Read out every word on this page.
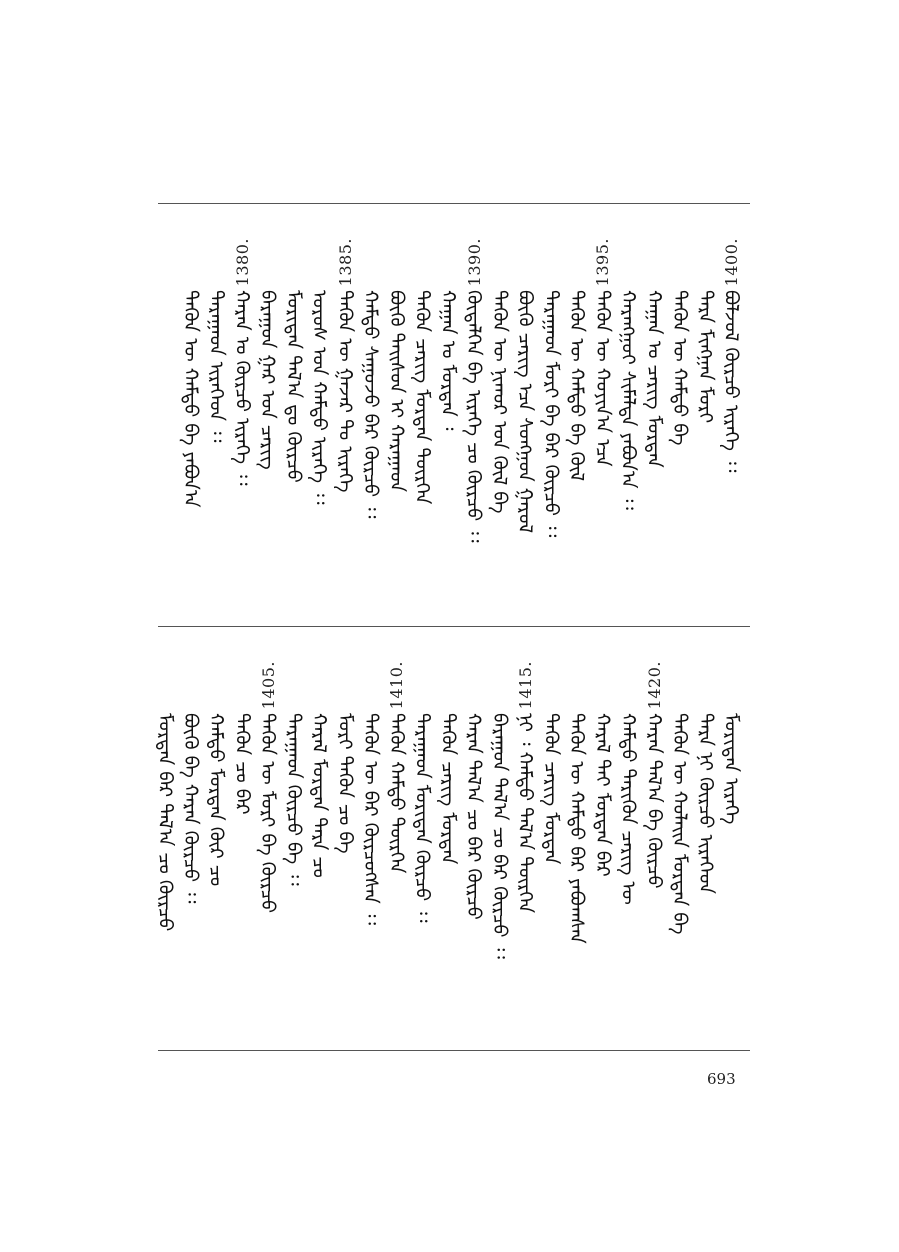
ᠪᠣᠯᠵᠣᠯ ᠬᠦᠷᠴᠦ ᠢᠷᠡᠭᠡ ᠄᠄
ᠲᠡᠷᠡ ᠮᠢᠩᠭᠠᠨ ᠮᠣᠷᠢ
ᠲᠡᠭᠦᠨ ᠦ ᠬᠠᠮᠲᠤ ᠪᠠ
ᠬᠠᠭᠠᠨ ᠤ ᠴᠡᠷᠢᠭ ᠮᠣᠷᠳᠠᠨ
ᠬᠠᠷᠠᠩᠭᠤᠢ ᠰᠢᠮᠠᠯᠲᠠ ᠶᠠᠪᠤᠨ᠎ᠠ ᠄᠄
ᠲᠡᠭᠦᠨ ᠦ ᠬᠣᠶᠢᠨ᠎ᠠ ᠡᠴᠡ
ᠲᠡᠭᠦᠨ ᠦ ᠬᠠᠮᠲᠤ ᠪᠠ ᠬᠥᠯ
ᠲᠠᠷᠠᠭᠠᠳ ᠮᠣᠷᠢ ᠪᠠ ᠪᠠᠷ ᠬᠦᠷᠴᠦ ᠄᠄
ᠪᠦᠬᠦ ᠴᠡᠷᠢᠭ ᠡᠴᠡ ᠰᠣᠩᠭᠣᠨ ᠭᠠᠷᠤᠯ
ᠲᠡᠭᠦᠨ ᠦ ᠨᠢᠬᠤᠷ ᠤᠨ ᠬᠥᠯ ᠪᠠ
ᠬᠦᠳᠡᠯᠭᠡᠨ ᠪᠠ ᠢᠷᠡᠭᠡ ᠴᠤ ᠬᠦᠷᠴᠦ ᠄᠄
ᠬᠠᠭᠠᠨ ᠤ ᠮᠣᠷᠳᠠᠨ ᠄
ᠲᠡᠭᠦᠨ ᠴᠡᠷᠢᠭ ᠮᠣᠷᠳᠠᠨ ᠲᠦᠷᠭᠡᠨ
ᠪᠦᠬᠦ ᠳᠠᠢᠰᠤᠨ ᠢ ᠬᠠᠷᠠᠭᠠᠳ
ᠬᠠᠮᠲᠤ ᠰᠠᠭᠤᠵᠤ ᠪᠠᠷ ᠬᠦᠷᠴᠦ ᠄᠄
ᠲᠡᠭᠦᠨ ᠦ ᠭᠠᠵᠠᠷ ᠲᠤ ᠢᠷᠡᠭᠡ
ᠣᠷᠣᠰ ᠤᠨ ᠬᠠᠮᠲᠤ ᠢᠷᠡᠭᠡ ᠄᠄
ᠮᠣᠷᠢᠳᠠᠨ ᠲᠠᠯ᠎ᠠ ᠳᠤ ᠬᠦᠷᠴᠦ
ᠪᠠᠷᠠᠭᠤᠨ ᠭᠠᠷ ᠤᠨ ᠴᠡᠷᠢᠭ
ᠬᠠᠷᠠᠨ ᠤ ᠬᠦᠷᠴᠦ ᠢᠷᠡᠭᠡ ᠄᠄
ᠲᠠᠷᠠᠭᠠᠳ ᠢᠷᠡᠭᠡᠳ ᠄᠄
ᠲᠡᠭᠦᠨ ᠦ ᠬᠠᠮᠲᠤ ᠪᠠ ᠶᠠᠪᠤᠨ᠎ᠠ
1400.
1395.
1390.
1385.
1380.
ᠮᠣᠷᠢᠳᠠᠨ ᠢᠷᠡᠭᠡ
ᠲᠡᠷᠡ ᠨᠢ ᠬᠦᠷᠴᠦ ᠢᠷᠡᠭᠡᠳ
ᠲᠡᠭᠦᠨ ᠦ ᠬᠣᠯᠠᠢᠨ ᠮᠣᠷᠳᠠᠨ ᠪᠠ
ᠬᠠᠷᠠᠨ ᠲᠠᠯ᠎ᠠ ᠪᠠ ᠬᠦᠷᠴᠦ
ᠬᠠᠮᠲᠤ ᠲᠡᠷᠢᠭᠦᠨ ᠴᠡᠷᠢᠭ ᠦ
ᠬᠠᠷᠠᠯ ᠲᠠᠢ ᠮᠣᠷᠳᠠᠨ ᠪᠠᠷ
ᠲᠡᠭᠦᠨ ᠦ ᠬᠠᠮᠲᠤ ᠪᠠᠷ ᠶᠠᠪᠤᠭᠰᠠᠨ
ᠲᠡᠭᠦᠨ ᠴᠡᠷᠢᠭ ᠮᠣᠷᠳᠠᠨ
ᠨᠢ ᠄ ᠬᠠᠮᠲᠤ ᠲᠠᠯ᠎ᠠ ᠲᠦᠷᠭᠡᠨ
ᠪᠠᠷᠠᠭᠤᠨ ᠲᠠᠯ᠎ᠠ ᠴᠤ ᠪᠠᠷ ᠬᠦᠷᠴᠦ ᠄᠄
ᠬᠠᠷᠠᠨ ᠲᠠᠯ᠎ᠠ ᠴᠤ ᠪᠠᠷ ᠬᠦᠷᠴᠦ
ᠲᠡᠭᠦᠨ ᠴᠡᠷᠢᠭ ᠮᠣᠷᠳᠠᠨ
ᠲᠠᠷᠠᠭᠠᠳ ᠮᠣᠷᠢᠳᠠᠨ ᠬᠦᠷᠴᠦ ᠄᠄
ᠲᠡᠭᠦᠨ ᠬᠠᠮᠲᠤ ᠲᠦᠷᠭᠡᠨ
ᠲᠡᠭᠦᠨ ᠦ ᠪᠠᠷ ᠬᠦᠷᠴᠦᠭᠰᠡᠨ ᠄᠄
ᠮᠣᠷᠢ ᠲᠡᠭᠦᠨ ᠴᠤ ᠪᠠ
ᠬᠠᠷᠠᠯ ᠮᠣᠷᠳᠠᠨ ᠲᠡᠷᠡ ᠴᠤ
ᠲᠠᠷᠠᠭᠠᠳ ᠬᠦᠷᠴᠦ ᠪᠠ ᠄᠄
ᠲᠡᠭᠦᠨ ᠦ ᠮᠣᠷᠢ ᠪᠠ ᠬᠦᠷᠴᠦ
ᠲᠡᠭᠦᠨ ᠴᠤ ᠪᠠᠷ
ᠬᠠᠮᠲᠤ ᠮᠣᠷᠳᠠᠨ ᠬᠦᠷ ᠴᠤ
ᠪᠦᠬᠦ ᠪᠠ ᠬᠠᠷᠠᠨ ᠬᠦᠷᠴᠦ ᠄᠄
ᠮᠣᠷᠳᠠᠨ ᠪᠠᠷ ᠲᠠᠯ᠎ᠠ ᠴᠤ ᠬᠦᠷᠴᠦ
1420.
1415.
1410.
1405.
693
